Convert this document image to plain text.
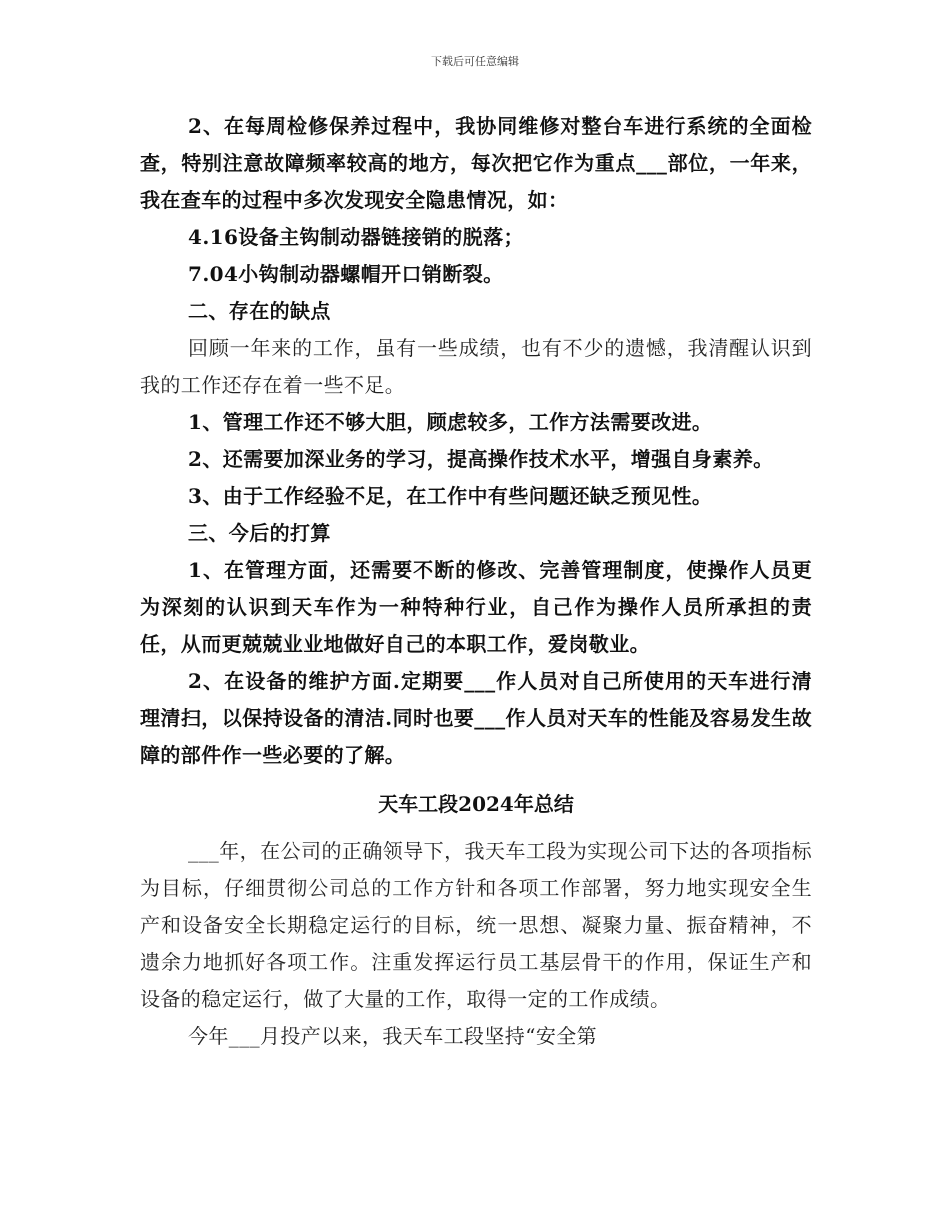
下载后可任意编辑

2、在每周检修保养过程中，我协同维修对整台车进行系统的全面检查，特别注意故障频率较高的地方，每次把它作为重点___部位，一年来，我在查车的过程中多次发现安全隐患情况，如：

4.16设备主钩制动器链接销的脱落；

7.04小钩制动器螺帽开口销断裂。

二、存在的缺点

回顾一年来的工作，虽有一些成绩，也有不少的遗憾，我清醒认识到我的工作还存在着一些不足。

1、管理工作还不够大胆，顾虑较多，工作方法需要改进。

2、还需要加深业务的学习，提高操作技术水平，增强自身素养。

3、由于工作经验不足，在工作中有些问题还缺乏预见性。

三、今后的打算

1、在管理方面，还需要不断的修改、完善管理制度，使操作人员更为深刻的认识到天车作为一种特种行业，自己作为操作人员所承担的责任，从而更兢兢业业地做好自己的本职工作，爱岗敬业。

2、在设备的维护方面.定期要___作人员对自己所使用的天车进行清理清扫，以保持设备的清洁.同时也要___作人员对天车的性能及容易发生故障的部件作一些必要的了解。

天车工段2024年总结

___年，在公司的正确领导下，我天车工段为实现公司下达的各项指标为目标，仔细贯彻公司总的工作方针和各项工作部署，努力地实现安全生产和设备安全长期稳定运行的目标，统一思想、凝聚力量、振奋精神，不遗余力地抓好各项工作。注重发挥运行员工基层骨干的作用，保证生产和设备的稳定运行，做了大量的工作，取得一定的工作成绩。

今年___月投产以来，我天车工段坚持“安全第
